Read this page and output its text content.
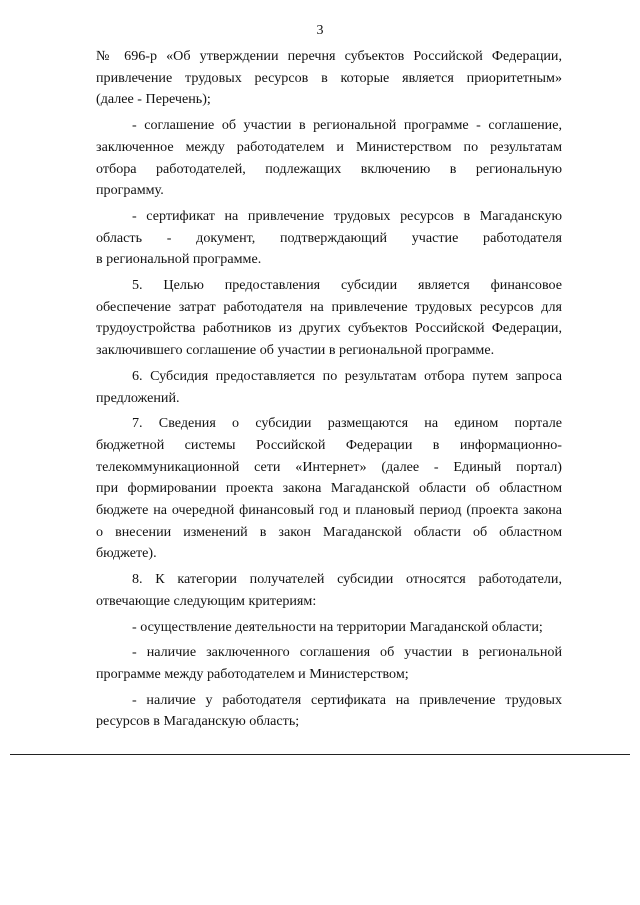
3

№ 696-р «Об утверждении перечня субъектов Российской Федерации,
привлечение трудовых ресурсов в которые является приоритетным»
(далее - Перечень);

- соглашение об участии в региональной программе - соглашение,
заключенное между работодателем и Министерством по результатам
отбора работодателей, подлежащих включению в региональную
программу.

- сертификат на привлечение трудовых ресурсов в Магаданскую
область - документ, подтверждающий участие работодателя
в региональной программе.

5. Целью предоставления субсидии является финансовое
обеспечение затрат работодателя на привлечение трудовых ресурсов для
трудоустройства работников из других субъектов Российской Федерации,
заключившего соглашение об участии в региональной программе.

6. Субсидия предоставляется по результатам отбора путем запроса
предложений.

7. Сведения о субсидии размещаются на едином портале
бюджетной системы Российской Федерации в информационно-
телекоммуникационной сети «Интернет» (далее - Единый портал)
при формировании проекта закона Магаданской области об областном
бюджете на очередной финансовый год и плановый период (проекта закона
о внесении изменений в закон Магаданской области об областном
бюджете).

8. К категории получателей субсидии относятся работодатели,
отвечающие следующим критериям:

- осуществление деятельности на территории Магаданской области;

- наличие заключенного соглашения об участии в региональной
программе между работодателем и Министерством;

- наличие у работодателя сертификата на привлечение трудовых
ресурсов в Магаданскую область;
